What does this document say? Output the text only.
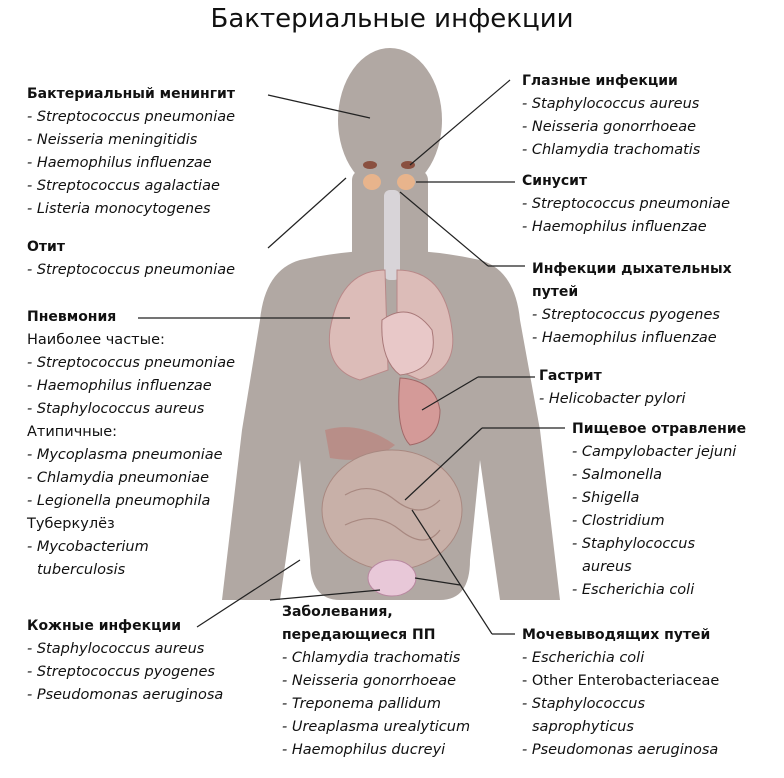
Бактериальные инфекции
Бактериальный менингит
- Streptococcus pneumoniae
- Neisseria meningitidis
- Haemophilus influenzae
- Streptococcus agalactiae
- Listeria monocytogenes
Отит
- Streptococcus pneumoniae
Пневмония
Наиболее частые:
- Streptococcus pneumoniae
- Haemophilus influenzae
- Staphylococcus aureus
Атипичные:
- Mycoplasma pneumoniae
- Chlamydia pneumoniae
- Legionella pneumophila
Туберкулёз
- Mycobacterium
tuberculosis
Кожные инфекции
- Staphylococcus aureus
- Streptococcus pyogenes
- Pseudomonas aeruginosa
Заболевания,
передающиеся ПП
- Chlamydia trachomatis
- Neisseria gonorrhoeae
- Treponema pallidum
- Ureaplasma urealyticum
- Haemophilus ducreyi
Глазные инфекции
- Staphylococcus aureus
- Neisseria gonorrhoeae
- Chlamydia trachomatis
Синусит
- Streptococcus pneumoniae
- Haemophilus influenzae
Инфекции дыхательных
путей
- Streptococcus pyogenes
- Haemophilus influenzae
Гастрит
- Helicobacter pylori
Пищевое отравление
- Campylobacter jejuni
- Salmonella
- Shigella
- Clostridium
- Staphylococcus
aureus
- Escherichia coli
Мочевыводящих путей
- Escherichia coli
- Other Enterobacteriaceae
- Staphylococcus
saprophyticus
- Pseudomonas aeruginosa
